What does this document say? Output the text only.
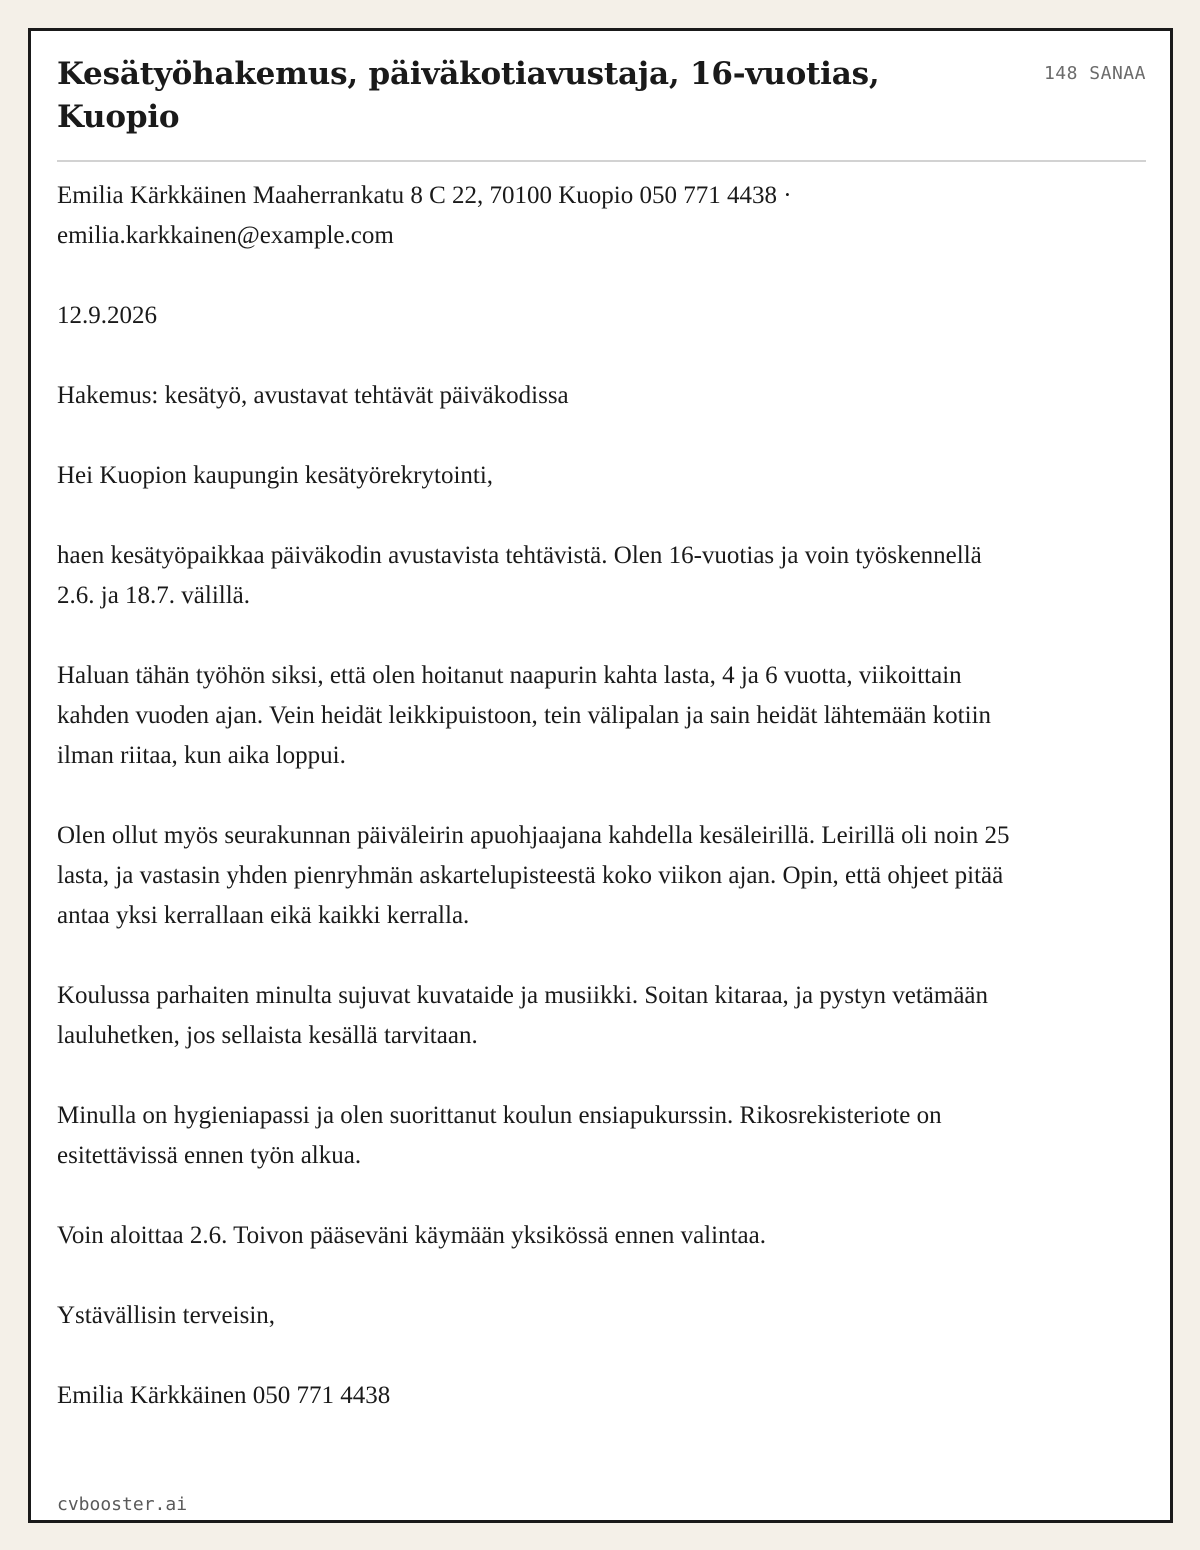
Kesätyöhakemus, päiväkotiavustaja, 16-vuotias, Kuopio
148 SANAA

Emilia Kärkkäinen Maaherrankatu 8 C 22, 70100 Kuopio 050 771 4438 · emilia.karkkainen@example.com

12.9.2026

Hakemus: kesätyö, avustavat tehtävät päiväkodissa

Hei Kuopion kaupungin kesätyörekrytointi,

haen kesätyöpaikkaa päiväkodin avustavista tehtävistä. Olen 16-vuotias ja voin työskennellä 2.6. ja 18.7. välillä.

Haluan tähän työhön siksi, että olen hoitanut naapurin kahta lasta, 4 ja 6 vuotta, viikoittain kahden vuoden ajan. Vein heidät leikkipuistoon, tein välipalan ja sain heidät lähtemään kotiin ilman riitaa, kun aika loppui.

Olen ollut myös seurakunnan päiväleirin apuohjaajana kahdella kesäleirillä. Leirillä oli noin 25 lasta, ja vastasin yhden pienryhmän askartelupisteestä koko viikon ajan. Opin, että ohjeet pitää antaa yksi kerrallaan eikä kaikki kerralla.

Koulussa parhaiten minulta sujuvat kuvataide ja musiikki. Soitan kitaraa, ja pystyn vetämään lauluhetken, jos sellaista kesällä tarvitaan.

Minulla on hygieniapassi ja olen suorittanut koulun ensiapukurssin. Rikosrekisteriote on esitettävissä ennen työn alkua.

Voin aloittaa 2.6. Toivon pääseväni käymään yksikössä ennen valintaa.

Ystävällisin terveisin,

Emilia Kärkkäinen 050 771 4438

cvbooster.ai
